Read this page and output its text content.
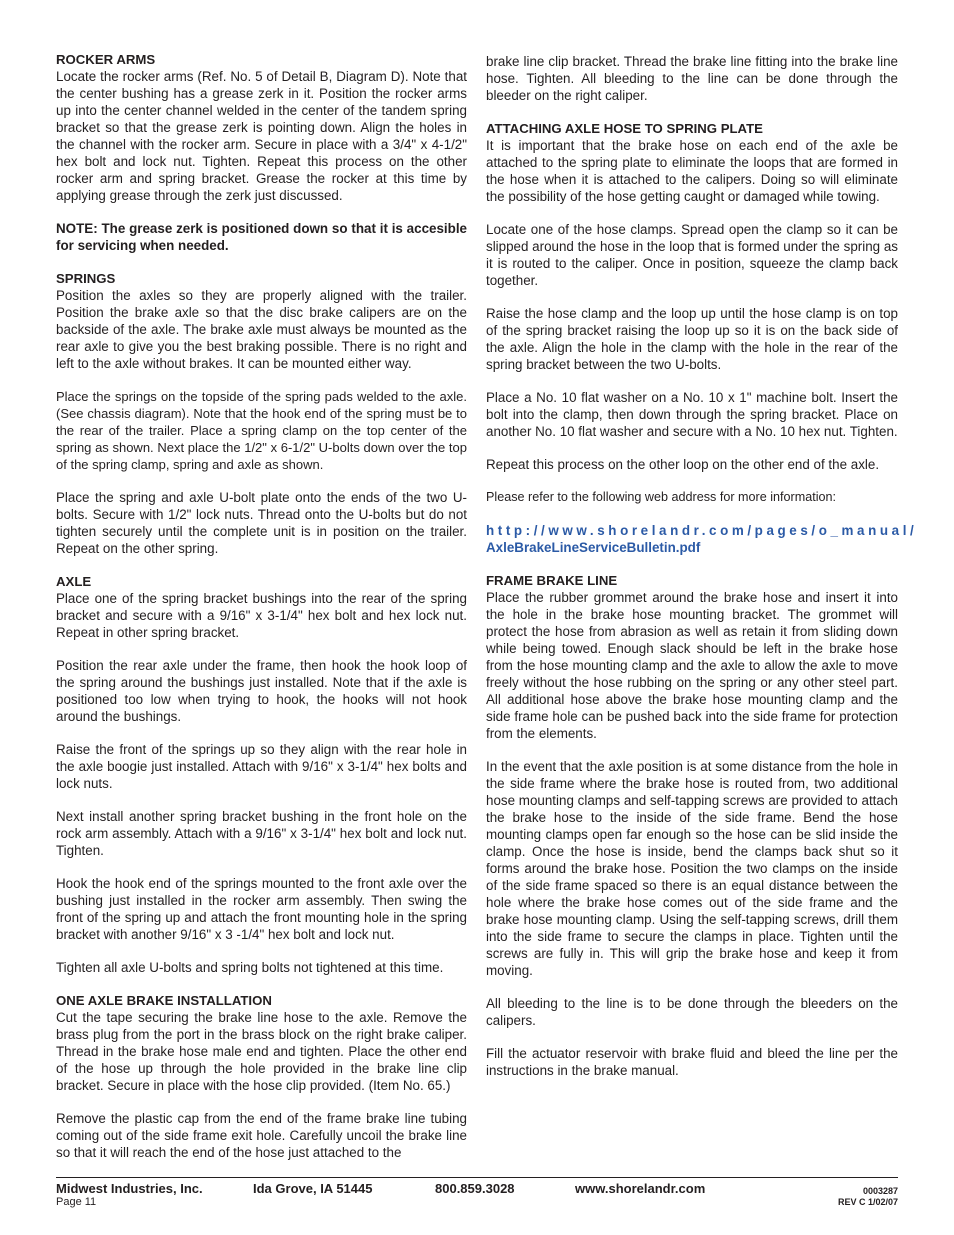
ROCKER ARMS

Locate the rocker arms (Ref. No. 5 of Detail B, Diagram D). Note that the center bushing has a grease zerk in it. Position the rocker arms up into the center channel welded in the center of the tandem spring bracket so that the grease zerk is pointing down. Align the holes in the channel with the rocker arm. Secure in place with a 3/4" x 4-1/2" hex bolt and lock nut. Tighten. Repeat this process on the other rocker arm and spring bracket. Grease the rocker at this time by applying grease through the zerk just discussed.

NOTE: The grease zerk is positioned down so that it is accesible for servicing when needed.

SPRINGS

Position the axles so they are properly aligned with the trailer. Position the brake axle so that the disc brake calipers are on the backside of the axle. The brake axle must always be mounted as the rear axle to give you the best braking possible. There is no right and left to the axle without brakes. It can be mounted either way.

Place the springs on the topside of the spring pads welded to the axle. (See chassis diagram). Note that the hook end of the spring must be to the rear of the trailer. Place a spring clamp on the top center of the spring as shown. Next place the 1/2" x 6-1/2" U-bolts down over the top of the spring clamp, spring and axle as shown.

Place the spring and axle U-bolt plate onto the ends of the two U-bolts. Secure with 1/2" lock nuts. Thread onto the U-bolts but do not tighten securely until the complete unit is in position on the trailer. Repeat on the other spring.

AXLE

Place one of the spring bracket bushings into the rear of the spring bracket and secure with a 9/16" x 3-1/4" hex bolt and hex lock nut. Repeat in other spring bracket.

Position the rear axle under the frame, then hook the hook loop of the spring around the bushings just installed. Note that if the axle is positioned too low when trying to hook, the hooks will not hook around the bushings.

Raise the front of the springs up so they align with the rear hole in the axle boogie just installed. Attach with 9/16" x 3-1/4" hex bolts and lock nuts.

Next install another spring bracket bushing in the front hole on the rock arm assembly. Attach with a 9/16" x 3-1/4" hex bolt and lock nut. Tighten.

Hook the hook end of the springs mounted to the front axle over the bushing just installed in the rocker arm assembly. Then swing the front of the spring up and attach the front mounting hole in the spring bracket with another 9/16" x 3 -1/4" hex bolt and lock nut.

Tighten all axle U-bolts and spring bolts not tightened at this time.

ONE AXLE BRAKE INSTALLATION

Cut the tape securing the brake line hose to the axle. Remove the brass plug from the port in the brass block on the right brake caliper. Thread in the brake hose male end and tighten. Place the other end of the hose up through the hole provided in the brake line clip bracket. Secure in place with the hose clip provided. (Item No. 65.)

Remove the plastic cap from the end of the frame brake line tubing coming out of the side frame exit hole. Carefully uncoil the brake line so that it will reach the end of the hose just attached to the

brake line clip bracket. Thread the brake line fitting into the brake line hose. Tighten. All bleeding to the line can be done through the bleeder on the right caliper.

ATTACHING AXLE HOSE TO SPRING PLATE

It is important that the brake hose on each end of the axle be attached to the spring plate to eliminate the loops that are formed in the hose when it is attached to the calipers. Doing so will eliminate the possibility of the hose getting caught or damaged while towing.

Locate one of the hose clamps. Spread open the clamp so it can be slipped around the hose in the loop that is formed under the spring as it is routed to the caliper. Once in position, squeeze the clamp back together.

Raise the hose clamp and the loop up until the hose clamp is on top of the spring bracket raising the loop up so it is on the back side of the axle. Align the hole in the clamp with the hole in the rear of the spring bracket between the two U-bolts.

Place a No. 10 flat washer on a No. 10 x 1" machine bolt. Insert the bolt into the clamp, then down through the spring bracket. Place on another No. 10 flat washer and secure with a No. 10 hex nut. Tighten.

Repeat this process on the other loop on the other end of the axle.

Please refer to the following web address for more information:

http://www.shorelandr.com/pages/o_manual/
AxleBrakeLineServiceBulletin.pdf
FRAME BRAKE LINE

Place the rubber grommet around the brake hose and insert it into the hole in the brake hose mounting bracket. The grommet will protect the hose from abrasion as well as retain it from sliding down while being towed. Enough slack should be left in the brake hose from the hose mounting clamp and the axle to allow the axle to move freely without the hose rubbing on the spring or any other steel part. All additional hose above the brake hose mounting clamp and the side frame hole can be pushed back into the side frame for protection from the elements.

In the event that the axle position is at some distance from the hole in the side frame where the brake hose is routed from, two additional hose mounting clamps and self-tapping screws are provided to attach the brake hose to the inside of the side frame. Bend the hose mounting clamps open far enough so the hose can be slid inside the clamp. Once the hose is inside, bend the clamps back shut so it forms around the brake hose. Position the two clamps on the inside of the side frame spaced so there is an equal distance between the hole where the brake hose comes out of the side frame and the brake hose mounting clamp. Using the self-tapping screws, drill them into the side frame to secure the clamps in place. Tighten until the screws are fully in. This will grip the brake hose and keep it from moving.

All bleeding to the line is to be done through the bleeders on the calipers.

Fill the actuator reservoir with brake fluid and bleed the line per the instructions in the brake manual.

Midwest Industries, Inc.	Ida Grove, IA 51445	800.859.3028	www.shorelandr.com
Page 11
0003287
REV C 1/02/07
